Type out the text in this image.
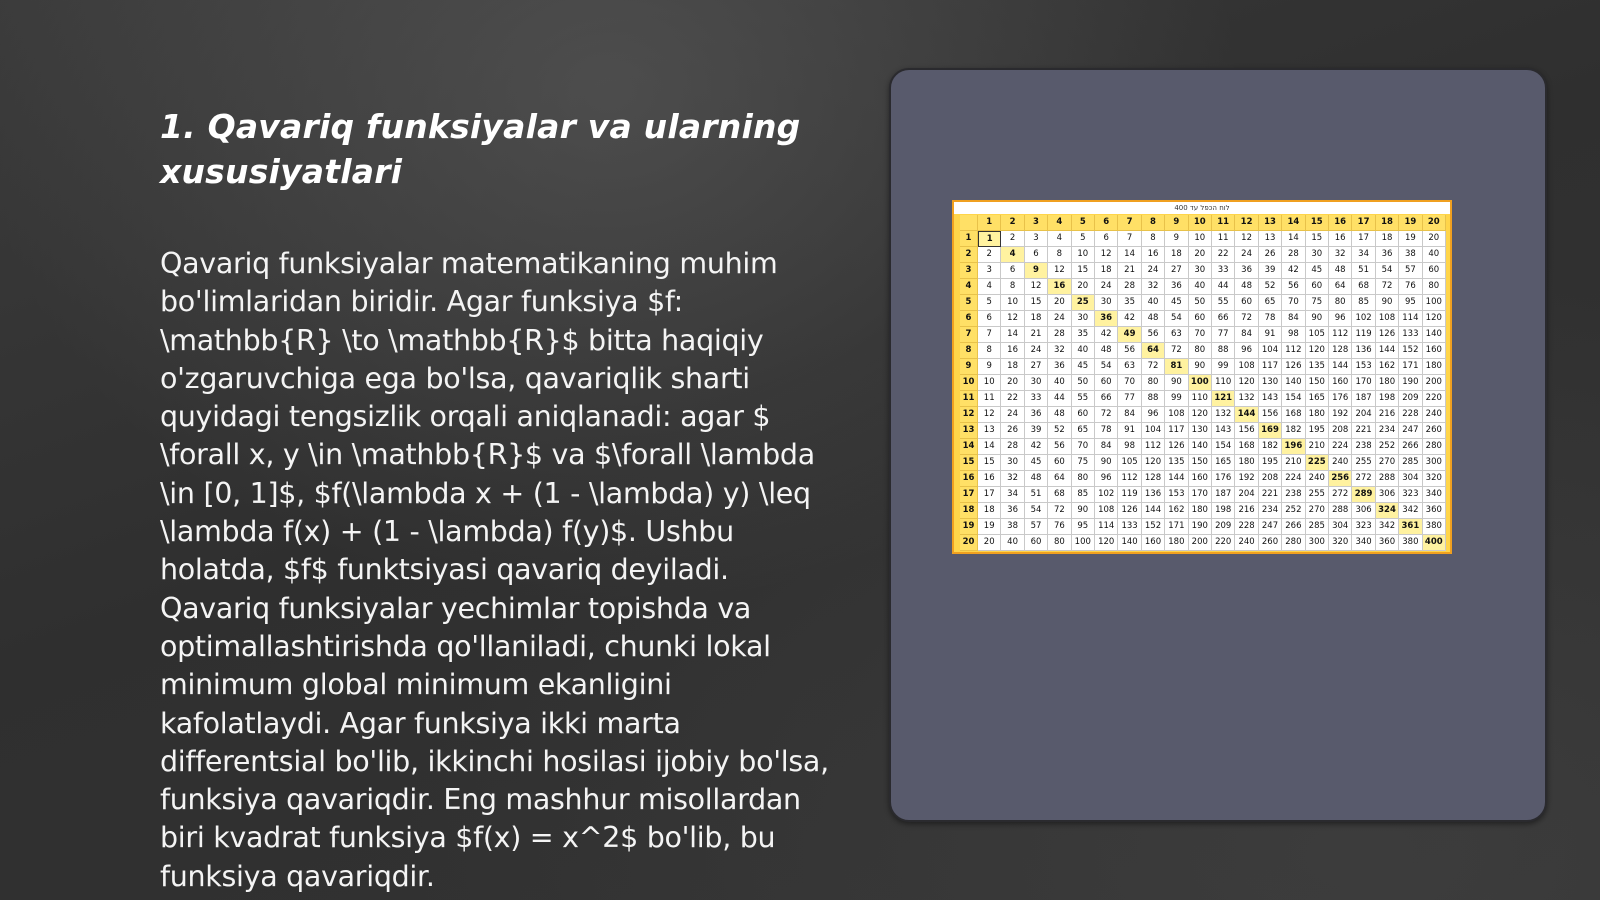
1. Qavariq funksiyalar va ularning xususiyatlari

Qavariq funksiyalar matematikaning muhim bo'limlaridan biridir. Agar funksiya $f: \mathbb{R} \to \mathbb{R}$ bitta haqiqiy o'zgaruvchiga ega bo'lsa, qavariqlik sharti quyidagi tengsizlik orqali aniqlanadi: agar $ \forall x, y \in \mathbb{R}$ va $\forall \lambda \in [0, 1]$, $f(\lambda x + (1 - \lambda) y) \leq \lambda f(x) + (1 - \lambda) f(y)$. Ushbu holatda, $f$ funktsiyasi qavariq deyiladi. Qavariq funksiyalar yechimlar topishda va optimallashtirishda qo'llaniladi, chunki lokal minimum global minimum ekanligini kafolatlaydi. Agar funksiya ikki marta differentsial bo'lib, ikkinchi hosilasi ijobiy bo'lsa, funksiya qavariqdir. Eng mashhur misollardan biri kvadrat funksiya $f(x) = x^2$ bo'lib, bu funksiya qavariqdir.

לוח הכפל עד 400
1	2	3	4	5	6	7	8	9	10	11	12	13	14	15	16	17	18	19	20
1	1	2	3	4	5	6	7	8	9	10	11	12	13	14	15	16	17	18	19	20
2	2	4	6	8	10	12	14	16	18	20	22	24	26	28	30	32	34	36	38	40
3	3	6	9	12	15	18	21	24	27	30	33	36	39	42	45	48	51	54	57	60
4	4	8	12	16	20	24	28	32	36	40	44	48	52	56	60	64	68	72	76	80
5	5	10	15	20	25	30	35	40	45	50	55	60	65	70	75	80	85	90	95	100
6	6	12	18	24	30	36	42	48	54	60	66	72	78	84	90	96	102 108 114 120
7	7	14	21	28	35	42	49	56	63	70	77	84	91	98	105 112 119 126 133 140
8	8	16	24	32	40	48	56	64	72	80	88	96	104 112 120 128 136 144 152 160
9	9	18	27	36	45	54	63	72	81	90	99	108 117 126 135 144 153 162 171 180
10	10	20	30	40	50	60	70	80	90	100 110 120 130 140 150 160 170 180 190 200
11	11	22	33	44	55	66	77	88	99	110 121 132 143 154 165 176 187 198 209 220
12	12	24	36	48	60	72	84	96	108 120 132 144 156 168 180 192 204 216 228 240
13	13	26	39	52	65	78	91	104 117 130 143 156 169 182 195 208 221 234 247 260
14	14	28	42	56	70	84	98	112 126 140 154 168 182 196 210 224 238 252 266 280
15	15	30	45	60	75	90	105 120 135 150 165 180 195 210 225 240 255 270 285 300
16	16	32	48	64	80	96	112 128 144 160 176 192 208 224 240 256 272 288 304 320
17	17	34	51	68	85	102 119 136 153 170 187 204 221 238 255 272 289 306 323 340
18	18	36	54	72	90	108 126 144 162 180 198 216 234 252 270 288 306 324 342 360
19	19	38	57	76	95	114 133 152 171 190 209 228 247 266 285 304 323 342 361 380
20	20	40	60	80	100 120 140 160 180 200 220 240 260 280 300 320 340 360 380 400
